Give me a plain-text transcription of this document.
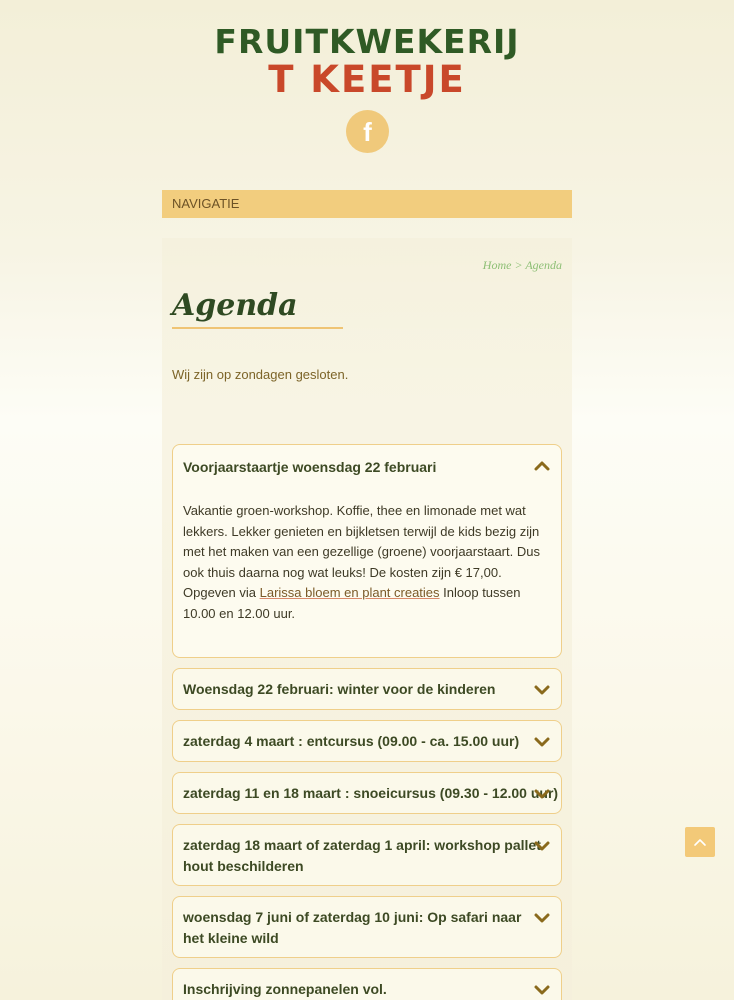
FRUITKWEKERIJ
T KEETJE
f
NAVIGATIE
Home > Agenda
Agenda
Wij zijn op zondagen gesloten.
Voorjaarstaartje woensdag 22 februari
Vakantie groen-workshop. Koffie, thee en limonade met wat lekkers. Lekker genieten en bijkletsen terwijl de kids bezig zijn met het maken van een gezellige (groene) voorjaarstaart. Dus ook thuis daarna nog wat leuks! De kosten zijn € 17,00. Opgeven via Larissa bloem en plant creaties Inloop tussen 10.00 en 12.00 uur.
Woensdag 22 februari: winter voor de kinderen
zaterdag 4 maart : entcursus (09.00 - ca. 15.00 uur)
zaterdag 11 en 18 maart : snoeicursus (09.30 - 12.00 uur)
zaterdag 18 maart of zaterdag 1 april: workshop pallet hout beschilderen
woensdag 7 juni of zaterdag 10 juni: Op safari naar het kleine wild
Inschrijving zonnepanelen vol.
